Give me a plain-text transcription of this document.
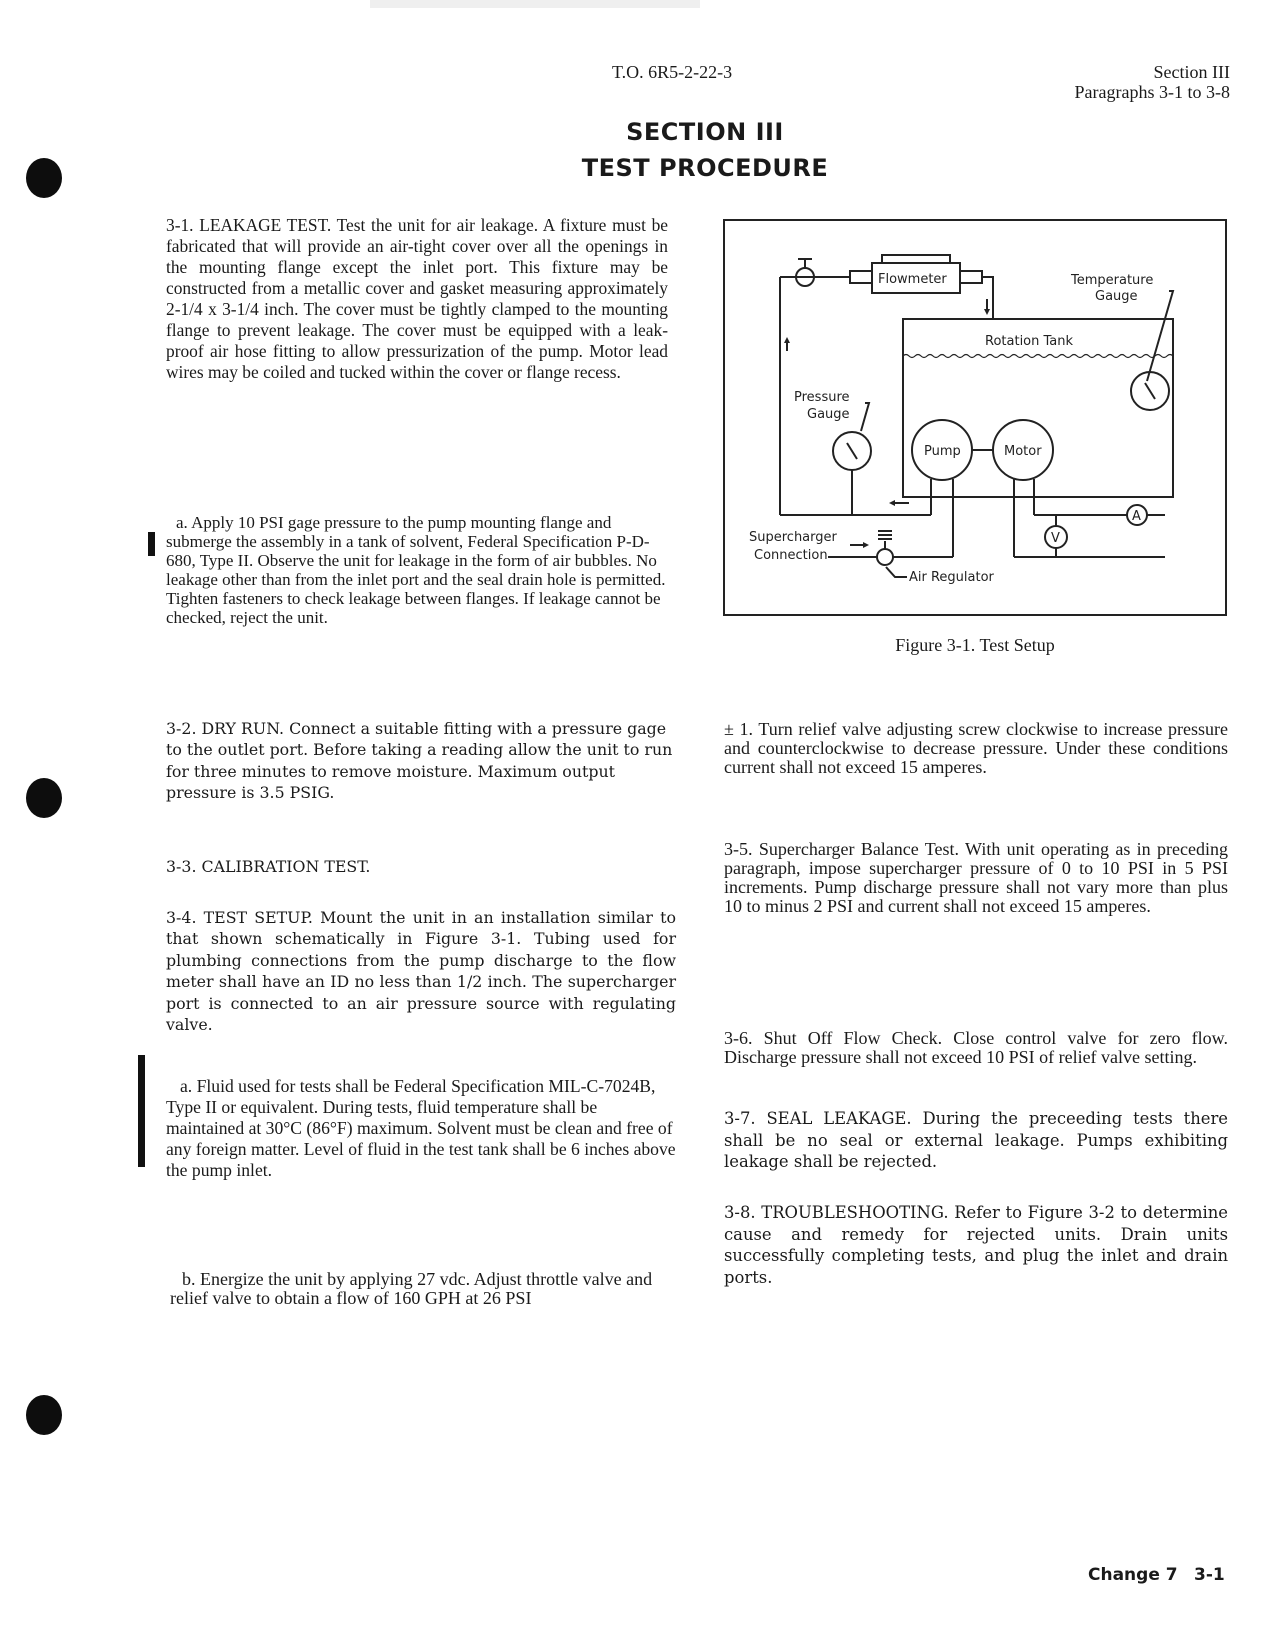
T.O. 6R5-2-22-3	Section III
Paragraphs 3-1 to 3-8
SECTION III
TEST PROCEDURE

3-1. LEAKAGE TEST. Test the unit for air leakage. A fixture must be fabricated that will provide an air-tight cover over all the openings in the mounting flange except the inlet port. This fixture may be constructed from a metallic cover and gasket measuring approximately 2-1/4 x 3-1/4 inch. The cover must be tightly clamped to the mounting flange to prevent leakage. The cover must be equipped with a leak-proof air hose fitting to allow pressurization of the pump. Motor lead wires may be coiled and tucked within the cover or flange recess.

a. Apply 10 PSI gage pressure to the pump mounting flange and submerge the assembly in a tank of solvent, Federal Specification P-D-680, Type II. Observe the unit for leakage in the form of air bubbles. No leakage other than from the inlet port and the seal drain hole is permitted. Tighten fasteners to check leakage between flanges. If leakage cannot be checked, reject the unit.

3-2. DRY RUN. Connect a suitable fitting with a pressure gage to the outlet port. Before taking a reading allow the unit to run for three minutes to remove moisture. Maximum output pressure is 3.5 PSIG.

3-3. CALIBRATION TEST.

3-4. TEST SETUP. Mount the unit in an installation similar to that shown schematically in Figure 3-1. Tubing used for plumbing connections from the pump discharge to the flow meter shall have an ID no less than 1/2 inch. The supercharger port is connected to an air pressure source with regulating valve.

a. Fluid used for tests shall be Federal Specification MIL-C-7024B, Type II or equivalent. During tests, fluid temperature shall be maintained at 30°C (86°F) maximum. Solvent must be clean and free of any foreign matter. Level of fluid in the test tank shall be 6 inches above the pump inlet.

b. Energize the unit by applying 27 vdc. Adjust throttle valve and relief valve to obtain a flow of 160 GPH at 26 PSI

Flowmeter	Temperature
Gauge
Rotation Tank
Pressure
Gauge
Pump	Motor
A
V
Supercharger
Connection
Air Regulator
Figure 3-1. Test Setup

± 1. Turn relief valve adjusting screw clockwise to increase pressure and counterclockwise to decrease pressure. Under these conditions current shall not exceed 15 amperes.

3-5. Supercharger Balance Test. With unit operating as in preceding paragraph, impose supercharger pressure of 0 to 10 PSI in 5 PSI increments. Pump discharge pressure shall not vary more than plus 10 to minus 2 PSI and current shall not exceed 15 amperes.

3-6. Shut Off Flow Check. Close control valve for zero flow. Discharge pressure shall not exceed 10 PSI of relief valve setting.

3-7. SEAL LEAKAGE. During the preceeding tests there shall be no seal or external leakage. Pumps exhibiting leakage shall be rejected.

3-8. TROUBLESHOOTING. Refer to Figure 3-2 to determine cause and remedy for rejected units. Drain units successfully completing tests, and plug the inlet and drain ports.

Change 7 3-1
